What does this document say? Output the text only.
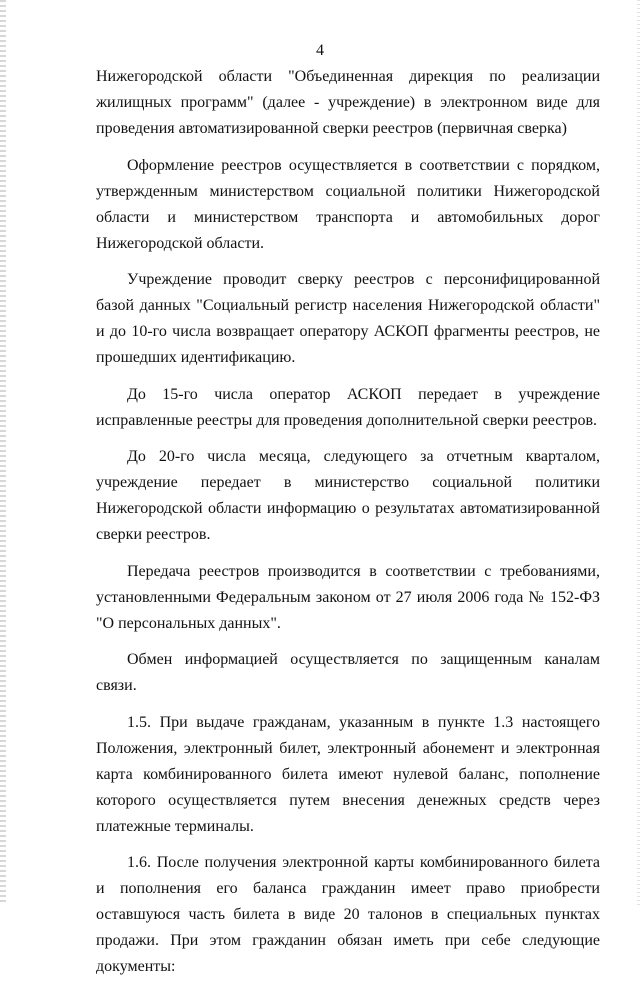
4

Нижегородской области "Объединенная дирекция по реализации жилищных программ" (далее - учреждение) в электронном виде для проведения автоматизированной сверки реестров (первичная сверка)

Оформление реестров осуществляется в соответствии с порядком, утвержденным министерством социальной политики Нижегородской области и министерством транспорта и автомобильных дорог Нижегородской области.

Учреждение проводит сверку реестров с персонифицированной базой данных "Социальный регистр населения Нижегородской области" и до 10-го числа возвращает оператору АСКОП фрагменты реестров, не прошедших идентификацию.

До 15-го числа оператор АСКОП передает в учреждение исправленные реестры для проведения дополнительной сверки реестров.

До 20-го числа месяца, следующего за отчетным кварталом, учреждение передает в министерство социальной политики Нижегородской области информацию о результатах автоматизированной сверки реестров.

Передача реестров производится в соответствии с требованиями, установленными Федеральным законом от 27 июля 2006 года № 152-ФЗ "О персональных данных".

Обмен информацией осуществляется по защищенным каналам связи.

1.5. При выдаче гражданам, указанным в пункте 1.3 настоящего Положения, электронный билет, электронный абонемент и электронная карта комбинированного билета имеют нулевой баланс, пополнение которого осуществляется путем внесения денежных средств через платежные терминалы.

1.6. После получения электронной карты комбинированного билета и пополнения его баланса гражданин имеет право приобрести оставшуюся часть билета в виде 20 талонов в специальных пунктах продажи. При этом гражданин обязан иметь при себе следующие документы:
